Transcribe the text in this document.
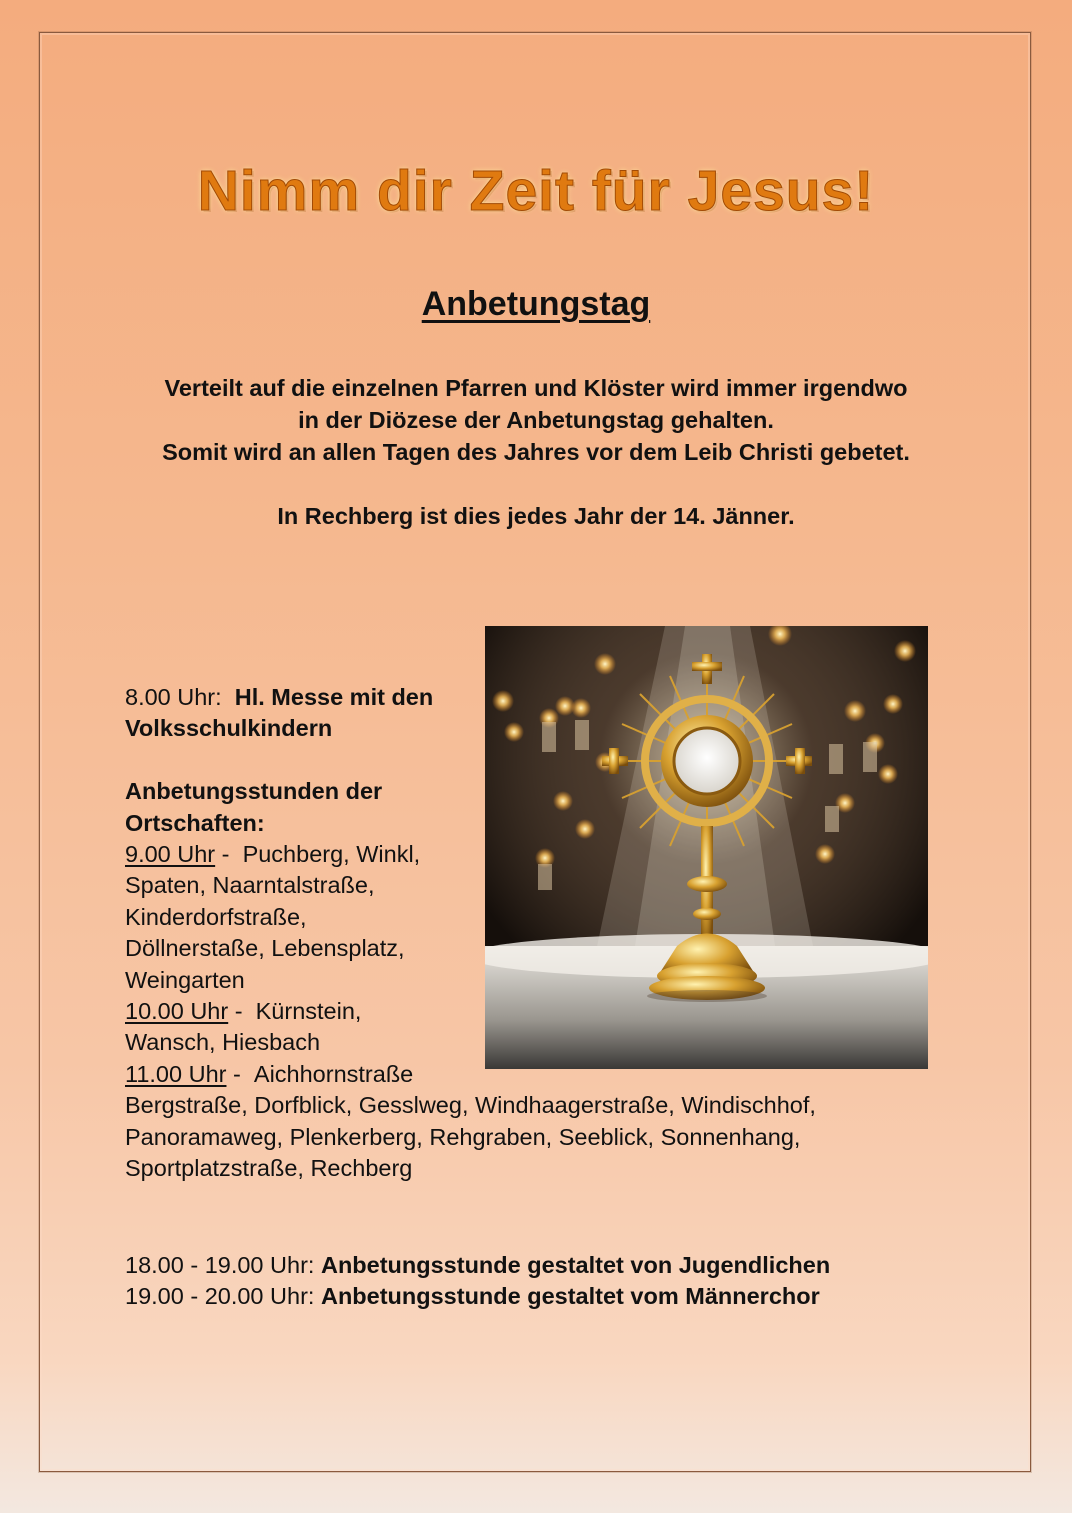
Nimm dir Zeit für Jesus!
Anbetungstag

Verteilt auf die einzelnen Pfarren und Klöster wird immer irgendwo

in der Diözese der Anbetungstag gehalten.

Somit wird an allen Tagen des Jahres vor dem Leib Christi gebetet.

In Rechberg ist dies jedes Jahr der 14. Jänner.

8.00 Uhr: Hl. Messe mit den
Volksschulkindern
Anbetungsstunden der
Ortschaften:
9.00 Uhr - Puchberg, Winkl,
Spaten, Naarntalstraße,
Kinderdorfstraße,
Döllnerstaße, Lebensplatz,
Weingarten
10.00 Uhr - Kürnstein,
Wansch, Hiesbach
11.00 Uhr - Aichhornstraße
Bergstraße, Dorfblick, Gesslweg, Windhaagerstraße, Windischhof,
Panoramaweg, Plenkerberg, Rehgraben, Seeblick, Sonnenhang,
Sportplatzstraße, Rechberg
18.00 - 19.00 Uhr: Anbetungsstunde gestaltet von Jugendlichen
19.00 - 20.00 Uhr: Anbetungsstunde gestaltet vom Männerchor
